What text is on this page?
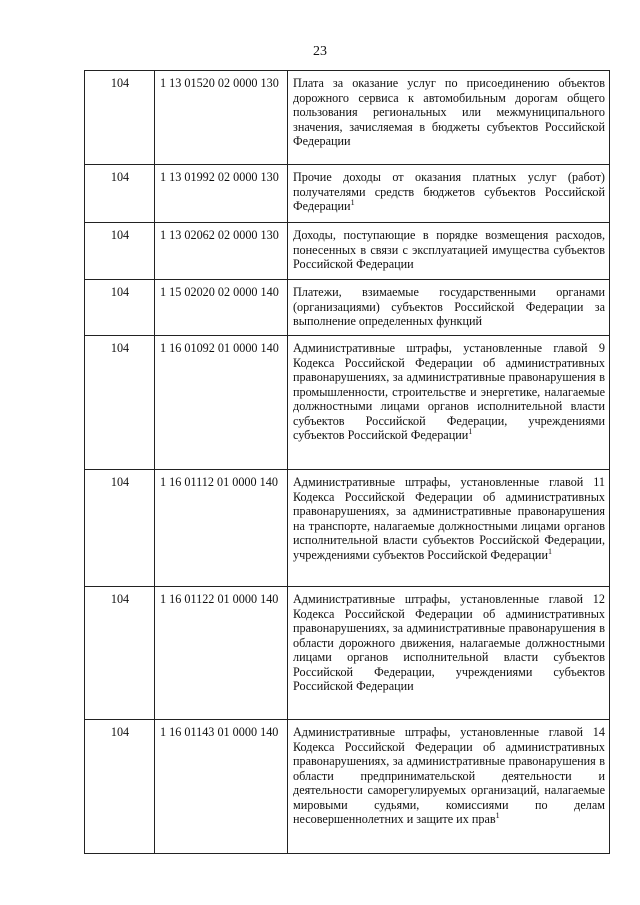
23
104	1 13 01520 02 0000 130	Плата за оказание услуг по присоединению объектов дорожного сервиса к автомобильным дорогам общего пользования региональных или межмуниципального значения, зачисляемая в бюджеты субъектов Российской Федерации
104	1 13 01992 02 0000 130	Прочие доходы от оказания платных услуг (работ) получателями средств бюджетов субъектов Российской Федерации$^1$
104	1 13 02062 02 0000 130	Доходы, поступающие в порядке возмещения расходов, понесенных в связи с эксплуатацией имущества субъектов Российской Федерации
104	1 15 02020 02 0000 140	Платежи, взимаемые государственными органами (организациями) субъектов Российской Федерации за выполнение определенных функций
104	1 16 01092 01 0000 140	Административные штрафы, установленные главой 9 Кодекса Российской Федерации об административных правонарушениях, за административные правонарушения в промышленности, строительстве и энергетике, налагаемые должностными лицами органов исполнительной власти субъектов Российской Федерации, учреждениями субъектов Российской Федерации$^1$
104	1 16 01112 01 0000 140	Административные штрафы, установленные главой 11 Кодекса Российской Федерации об административных правонарушениях, за административные правонарушения на транспорте, налагаемые должностными лицами органов исполнительной власти субъектов Российской Федерации, учреждениями субъектов Российской Федерации$^1$
104	1 16 01122 01 0000 140	Административные штрафы, установленные главой 12 Кодекса Российской Федерации об административных правонарушениях, за административные правонарушения в области дорожного движения, налагаемые должностными лицами органов исполнительной власти субъектов Российской Федерации, учреждениями субъектов Российской Федерации
104	1 16 01143 01 0000 140	Административные штрафы, установленные главой 14 Кодекса Российской Федерации об административных правонарушениях, за административные правонарушения в области предпринимательской деятельности и деятельности саморегулируемых организаций, налагаемые мировыми судьями, комиссиями по делам несовершеннолетних и защите их прав$^1$
